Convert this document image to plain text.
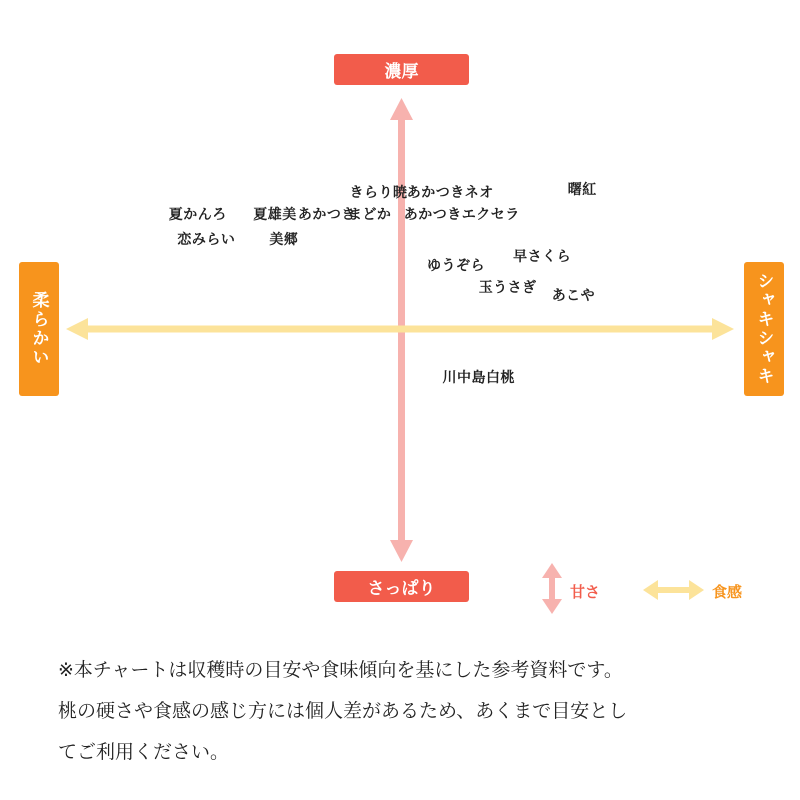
濃厚
さっぱり
柔らかい	シャキシャキ
夏かんろ 夏雄美 あかつき
まどか
きらり暁
恋みらい 美郷
あかつきネオ
あかつきエクセラ
曙紅
ゆうぞら
早さくら
玉うさぎ
あこや
川中島白桃
甘さ	食感
※本チャートは収穫時の目安や食味傾向を基にした参考資料です。
桃の硬さや食感の感じ方には個人差があるため、あくまで目安とし
てご利用ください。
